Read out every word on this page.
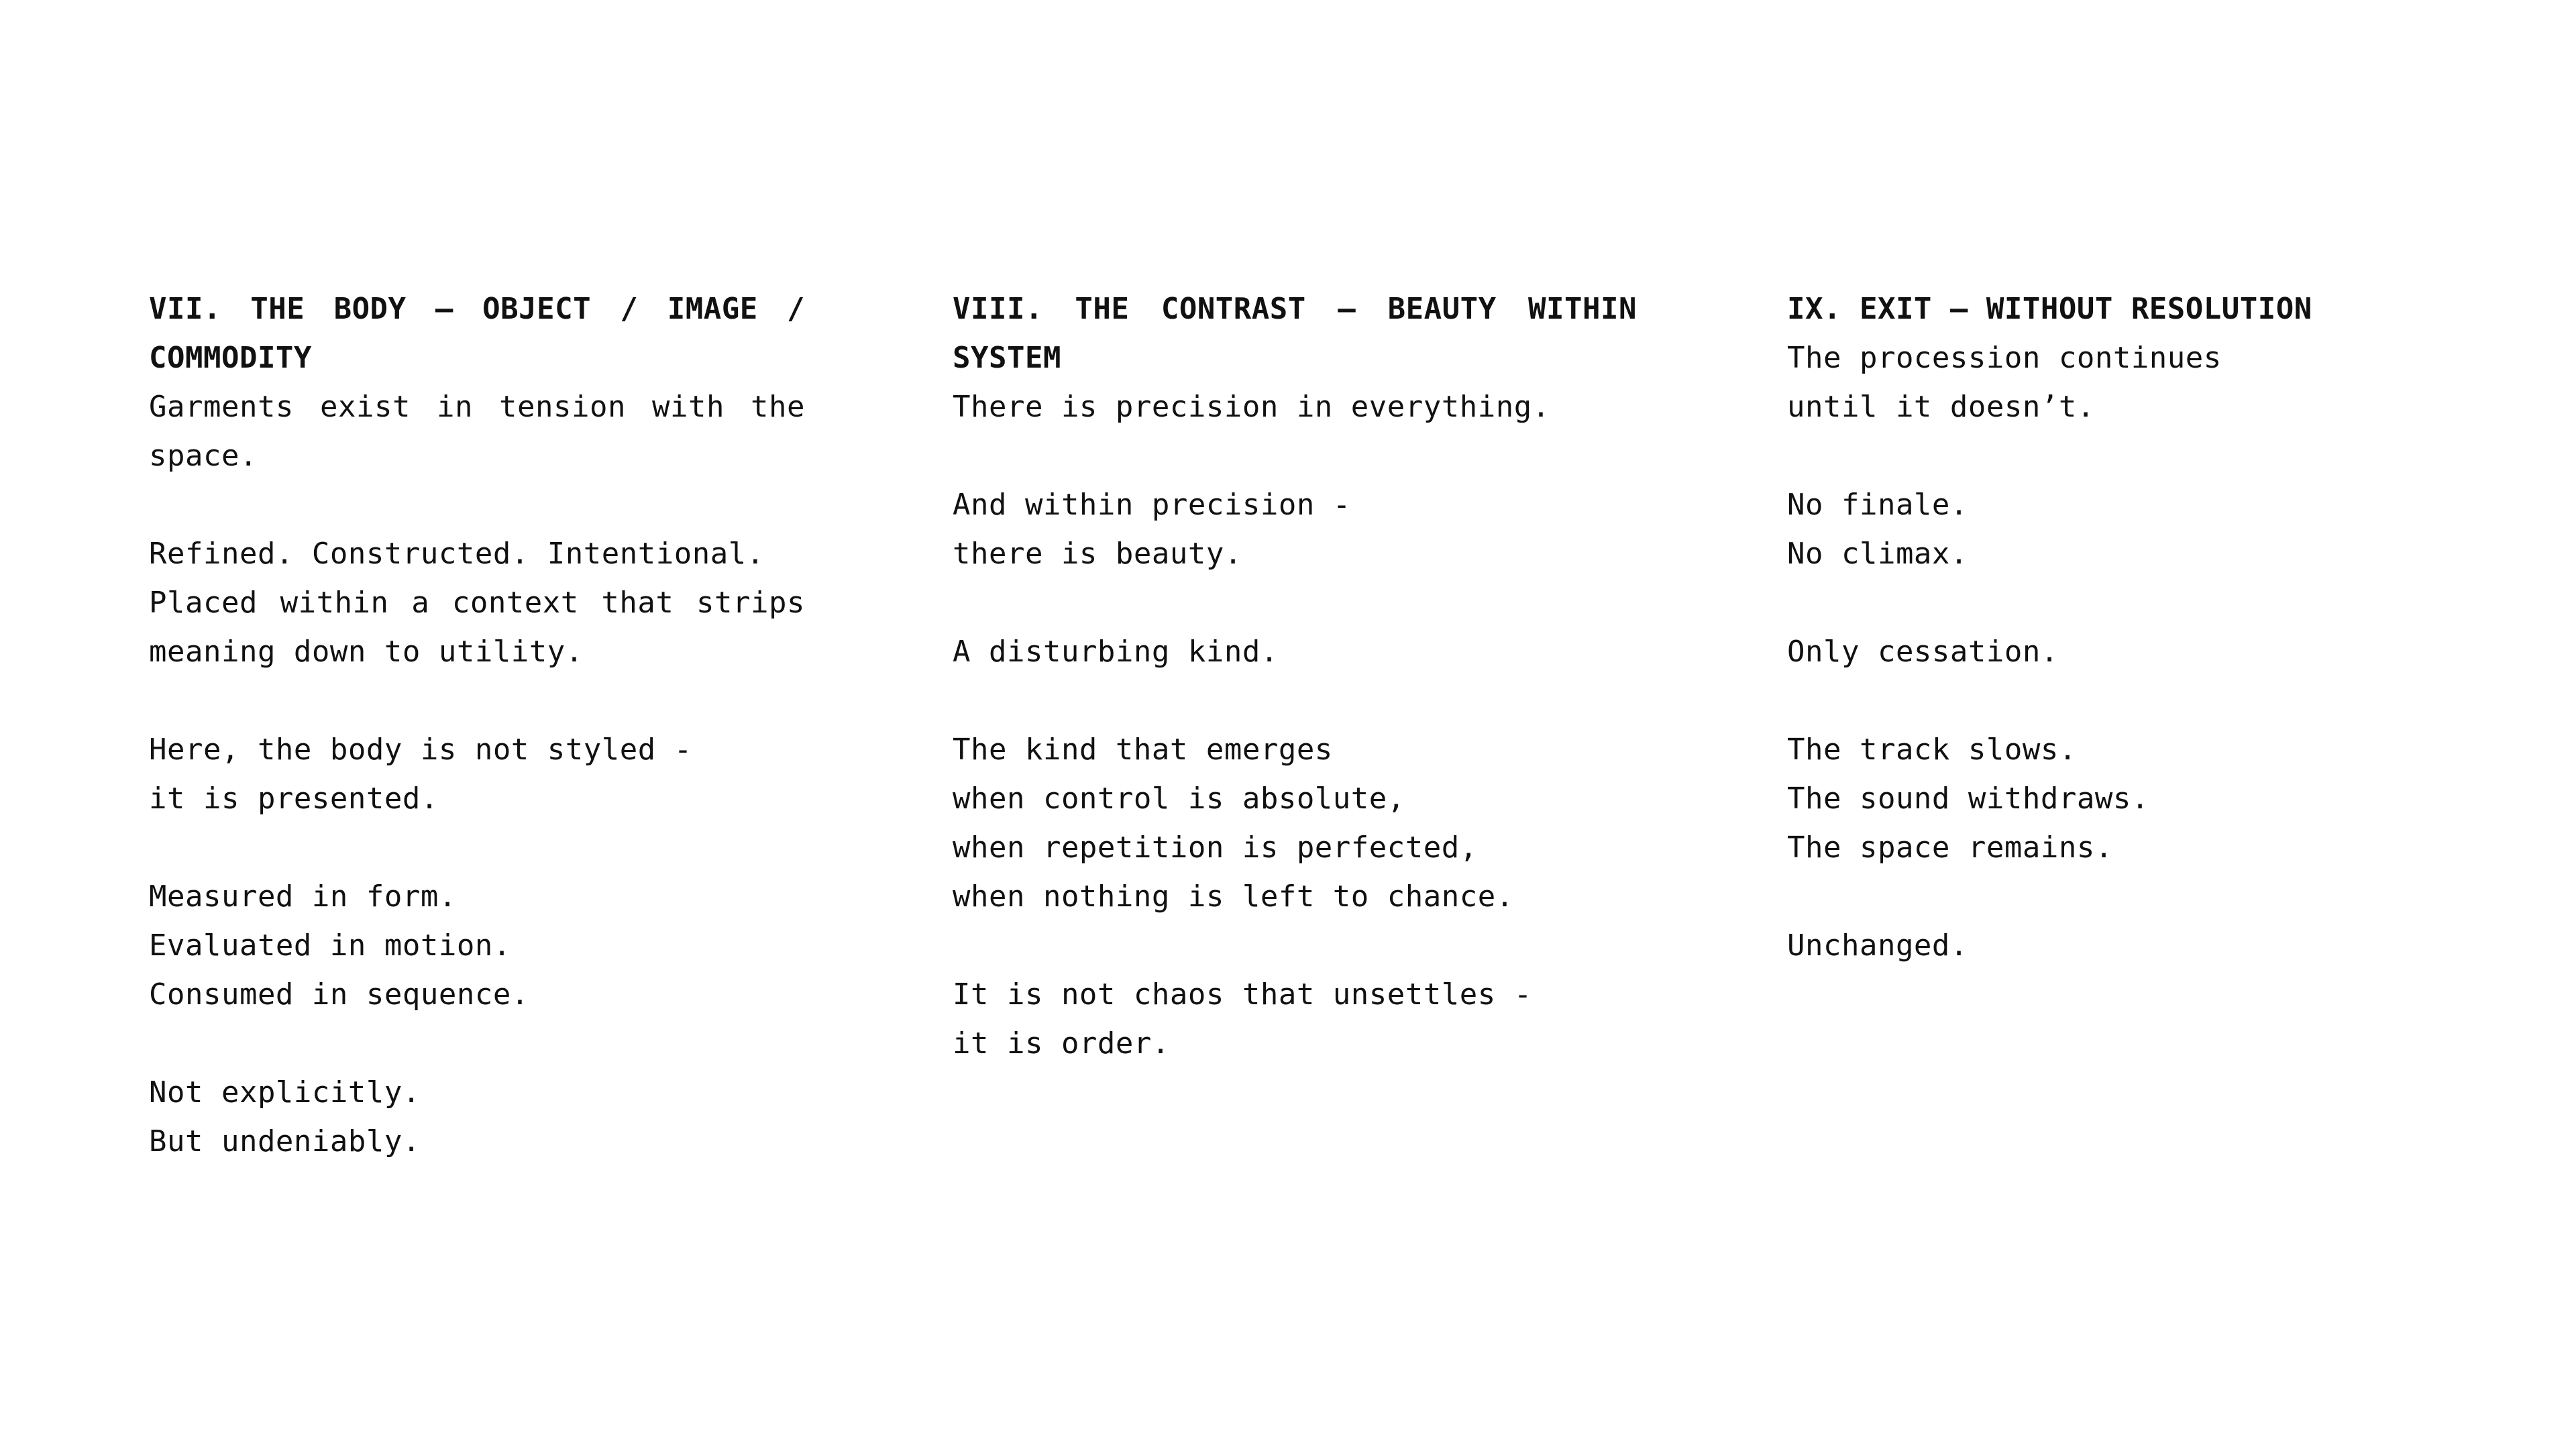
VII. THE BODY — OBJECT / IMAGE / COMMODITY

Garments exist in tension with the space.

Refined. Constructed. Intentional.
Placed within a context that strips meaning down to utility.

Here, the body is not styled -
it is presented.

Measured in form.
Evaluated in motion.
Consumed in sequence.

Not explicitly.
But undeniably.

VIII. THE CONTRAST — BEAUTY WITHIN SYSTEM

There is precision in everything.

And within precision -
there is beauty.

A disturbing kind.

The kind that emerges
when control is absolute,
when repetition is perfected,
when nothing is left to chance.

It is not chaos that unsettles -
it is order.

IX. EXIT — WITHOUT RESOLUTION

The procession continues
until it doesn’t.

No finale.
No climax.

Only cessation.

The track slows.
The sound withdraws.
The space remains.

Unchanged.
